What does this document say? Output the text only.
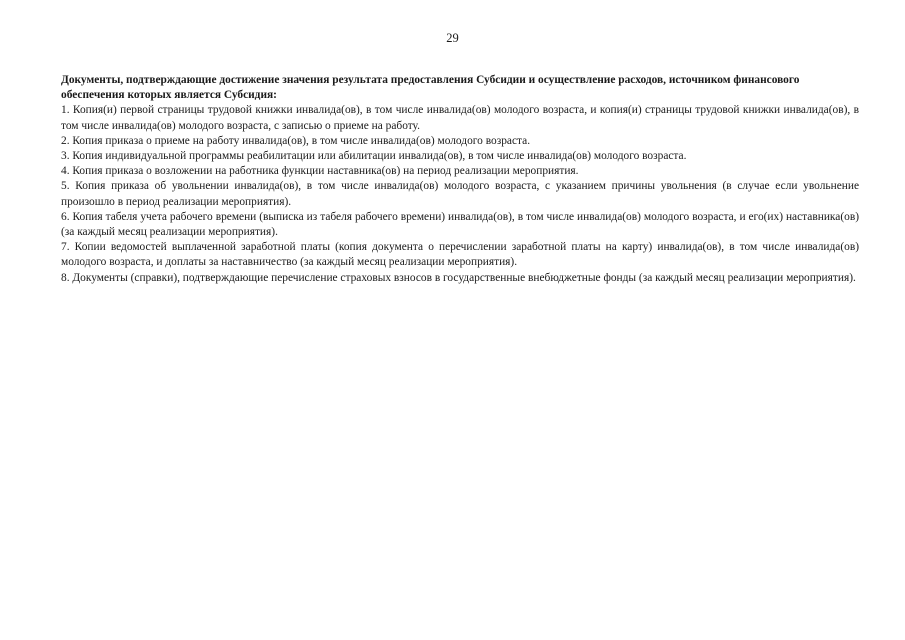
29

Документы, подтверждающие достижение значения результата предоставления Субсидии и осуществление расходов, источником финансового обеспечения которых является Субсидия:

1. Копия(и) первой страницы трудовой книжки инвалида(ов), в том числе инвалида(ов) молодого возраста, и копия(и) страницы трудовой книжки инвалида(ов), в том числе инвалида(ов) молодого возраста, с записью о приеме на работу.

2. Копия приказа о приеме на работу инвалида(ов), в том числе инвалида(ов) молодого возраста.

3. Копия индивидуальной программы реабилитации или абилитации инвалида(ов), в том числе инвалида(ов) молодого возраста.

4. Копия приказа о возложении на работника функции наставника(ов) на период реализации мероприятия.

5. Копия приказа об увольнении инвалида(ов), в том числе инвалида(ов) молодого возраста, с указанием причины увольнения (в случае если увольнение произошло в период реализации мероприятия).

6. Копия табеля учета рабочего времени (выписка из табеля рабочего времени) инвалида(ов), в том числе инвалида(ов) молодого возраста, и его(их) наставника(ов) (за каждый месяц реализации мероприятия).

7. Копии ведомостей выплаченной заработной платы (копия документа о перечислении заработной платы на карту) инвалида(ов), в том числе инвалида(ов) молодого возраста, и доплаты за наставничество (за каждый месяц реализации мероприятия).

8. Документы (справки), подтверждающие перечисление страховых взносов в государственные внебюджетные фонды (за каждый месяц реализации мероприятия).
